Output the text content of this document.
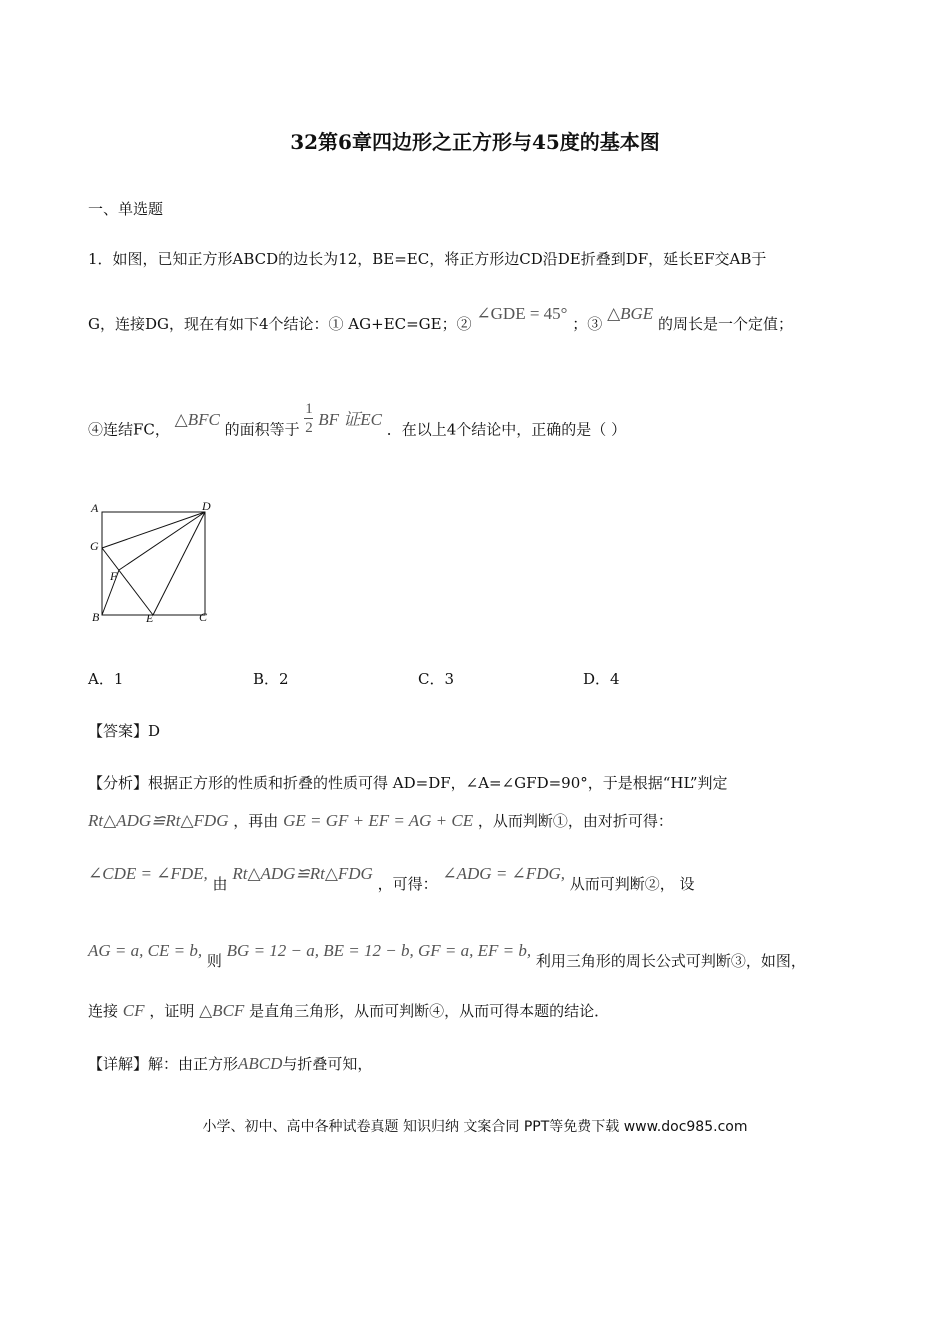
32第6章四边形之正方形与45度的基本图
一、单选题
1．如图，已知正方形ABCD的边长为12，BE=EC，将正方形边CD沿DE折叠到DF，延长EF交AB于
G，连接DG，现在有如下4个结论：① AG+EC=GE；② ∠GDE = 45° ；③ △BGE 的周长是一个定值；
④连结FC， △BFC 的面积等于 $\frac{1}{2}$ BF 证EC ．在以上4个结论中，正确的是（ ）
A	D
G
F
B	E	C
A．1	B．2	C．3	D．4
【答案】D
【分析】根据正方形的性质和折叠的性质可得 AD=DF，∠A=∠GFD=90°，于是根据“HL”判定
Rt△ADG≌Rt△FDG ，再由 GE = GF + EF = AG + CE ，从而判断①，由对折可得：
∠CDE = ∠FDE, 由 Rt△ADG≌Rt△FDG ，可得： ∠ADG = ∠FDG, 从而可判断②， 设
AG = a, CE = b, 则 BG = 12 − a, BE = 12 − b, GF = a, EF = b, 利用三角形的周长公式可判断③，如图，
连接 CF ，证明 △BCF 是直角三角形，从而可判断④，从而可得本题的结论．
【详解】解：由正方形ABCD与折叠可知，
小学、初中、高中各种试卷真题 知识归纳 文案合同 PPT等免费下载 www.doc985.com
